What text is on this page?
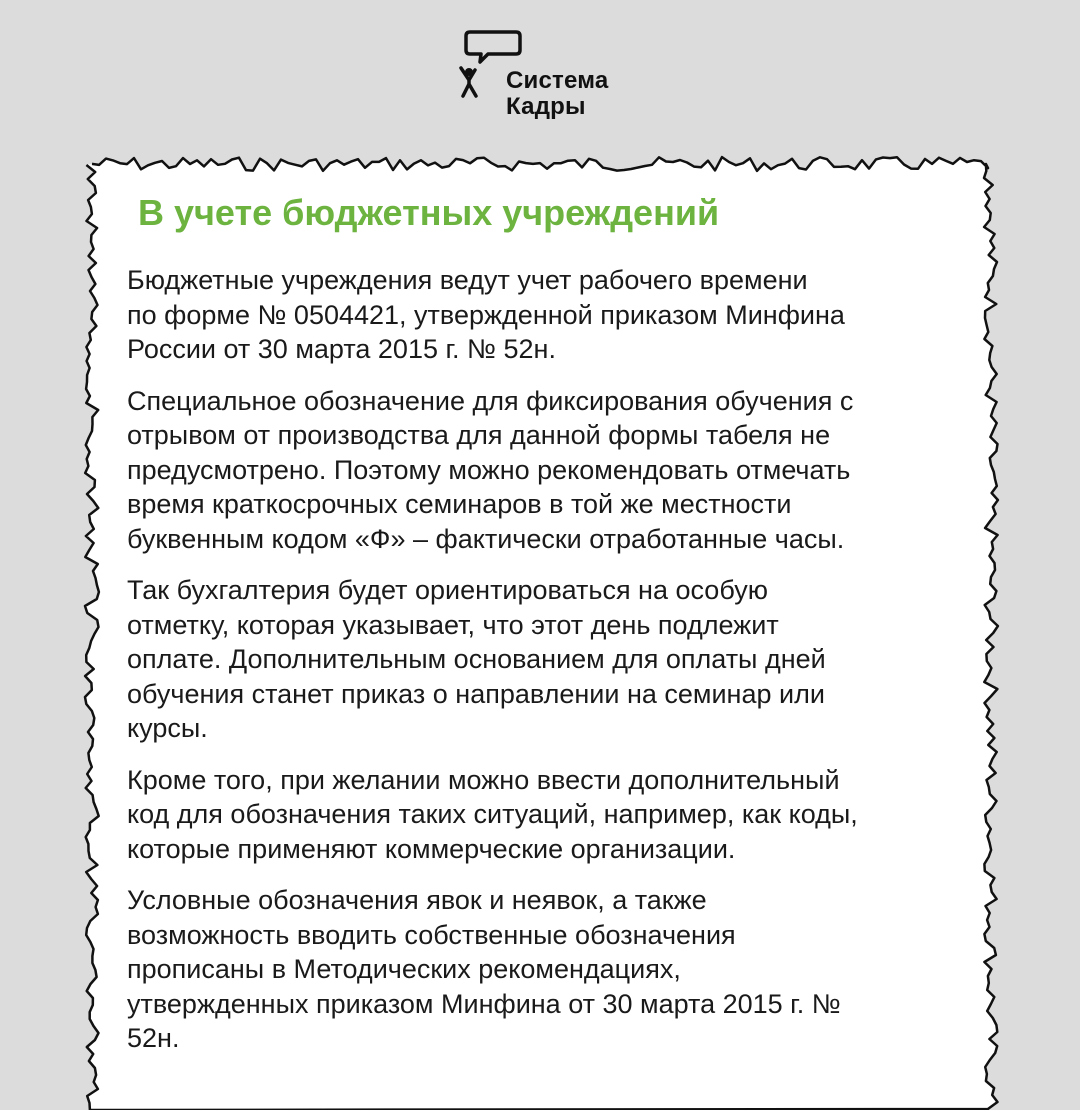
Система
Кадры
В учете бюджетных учреждений

Бюджетные учреждения ведут учет рабочего времени
по форме № 0504421, утвержденной приказом Минфина
России от 30 марта 2015 г. № 52н.

Специальное обозначение для фиксирования обучения с
отрывом от производства для данной формы табеля не
предусмотрено. Поэтому можно рекомендовать отмечать
время краткосрочных семинаров в той же местности
буквенным кодом «Ф» – фактически отработанные часы.

Так бухгалтерия будет ориентироваться на особую
отметку, которая указывает, что этот день подлежит
оплате. Дополнительным основанием для оплаты дней
обучения станет приказ о направлении на семинар или
курсы.

Кроме того, при желании можно ввести дополнительный
код для обозначения таких ситуаций, например, как коды,
которые применяют коммерческие организации.

Условные обозначения явок и неявок, а также
возможность вводить собственные обозначения
прописаны в Методических рекомендациях,
утвержденных приказом Минфина от 30 марта 2015 г. №
52н.
